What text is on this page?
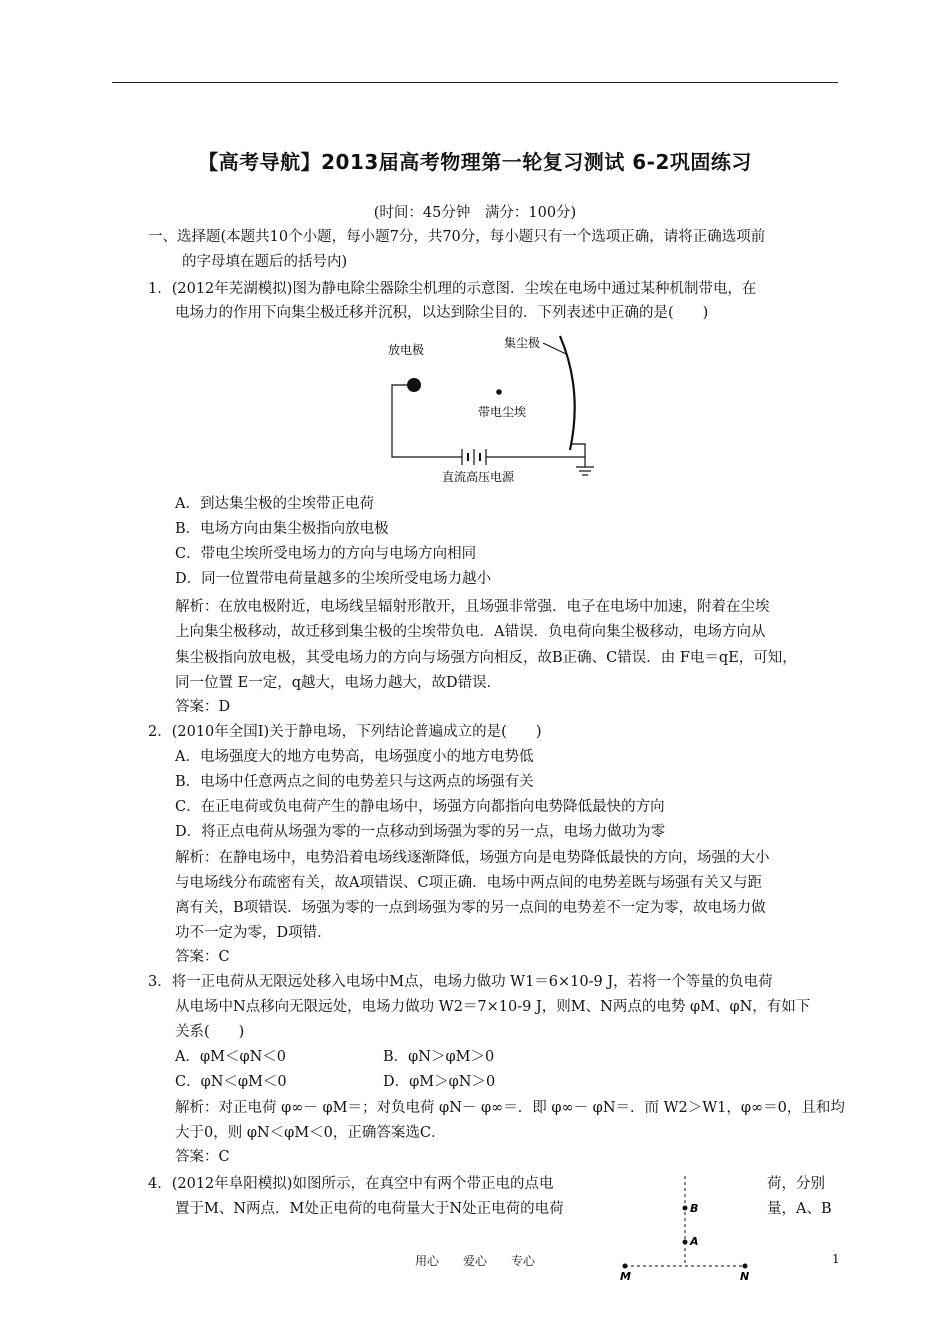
【高考导航】2013届高考物理第一轮复习测试 6-2巩固练习
(时间：45分钟　满分：100分)
一、选择题(本题共10个小题，每小题7分，共70分，每小题只有一个选项正确，请将正确选项前
的字母填在题后的括号内)
1．(2012年芜湖模拟)图为静电除尘器除尘机理的示意图．尘埃在电场中通过某种机制带电，在
电场力的作用下向集尘极迁移并沉积，以达到除尘目的．下列表述中正确的是(　　)
放电极	集尘极
带电尘埃
直流高压电源
A．到达集尘极的尘埃带正电荷
B．电场方向由集尘极指向放电极
C．带电尘埃所受电场力的方向与电场方向相同
D．同一位置带电荷量越多的尘埃所受电场力越小
解析：在放电极附近，电场线呈辐射形散开，且场强非常强．电子在电场中加速，附着在尘埃
上向集尘极移动，故迁移到集尘极的尘埃带负电．A错误．负电荷向集尘极移动，电场方向从
集尘极指向放电极，其受电场力的方向与场强方向相反，故B正确、C错误．由 F电＝qE，可知，
同一位置 E一定，q越大，电场力越大，故D错误．
答案：D
2．(2010年全国Ⅰ)关于静电场，下列结论普遍成立的是(　　)
A．电场强度大的地方电势高，电场强度小的地方电势低
B．电场中任意两点之间的电势差只与这两点的场强有关
C．在正电荷或负电荷产生的静电场中，场强方向都指向电势降低最快的方向
D．将正点电荷从场强为零的一点移动到场强为零的另一点，电场力做功为零
解析：在静电场中，电势沿着电场线逐渐降低，场强方向是电势降低最快的方向，场强的大小
与电场线分布疏密有关，故A项错误、C项正确．电场中两点间的电势差既与场强有关又与距
离有关，B项错误．场强为零的一点到场强为零的另一点间的电势差不一定为零，故电场力做
功不一定为零，D项错．
答案：C
3．将一正电荷从无限远处移入电场中M点，电场力做功 W1＝6×10-9 J，若将一个等量的负电荷
从电场中N点移向无限远处，电场力做功 W2＝7×10-9 J，则M、N两点的电势 φM、φN，有如下
关系(　　)
A．φM＜φN＜0	B．φN＞φM＞0
C．φN＜φM＜0	D．φM＞φN＞0
解析：对正电荷 φ∞－ φM＝；对负电荷 φN－ φ∞＝．即 φ∞－ φN＝．而 W2＞W1，φ∞＝0，且和均
大于0，则 φN＜φM＜0，正确答案选C．
答案：C
4．(2012年阜阳模拟)如图所示，在真空中有两个带正电的点电	荷，分别
置于M、N两点．M处正电荷的电荷量大于N处正电荷的电荷	量，A、B
B
A
M	N
用心　　爱心　　专心	1
